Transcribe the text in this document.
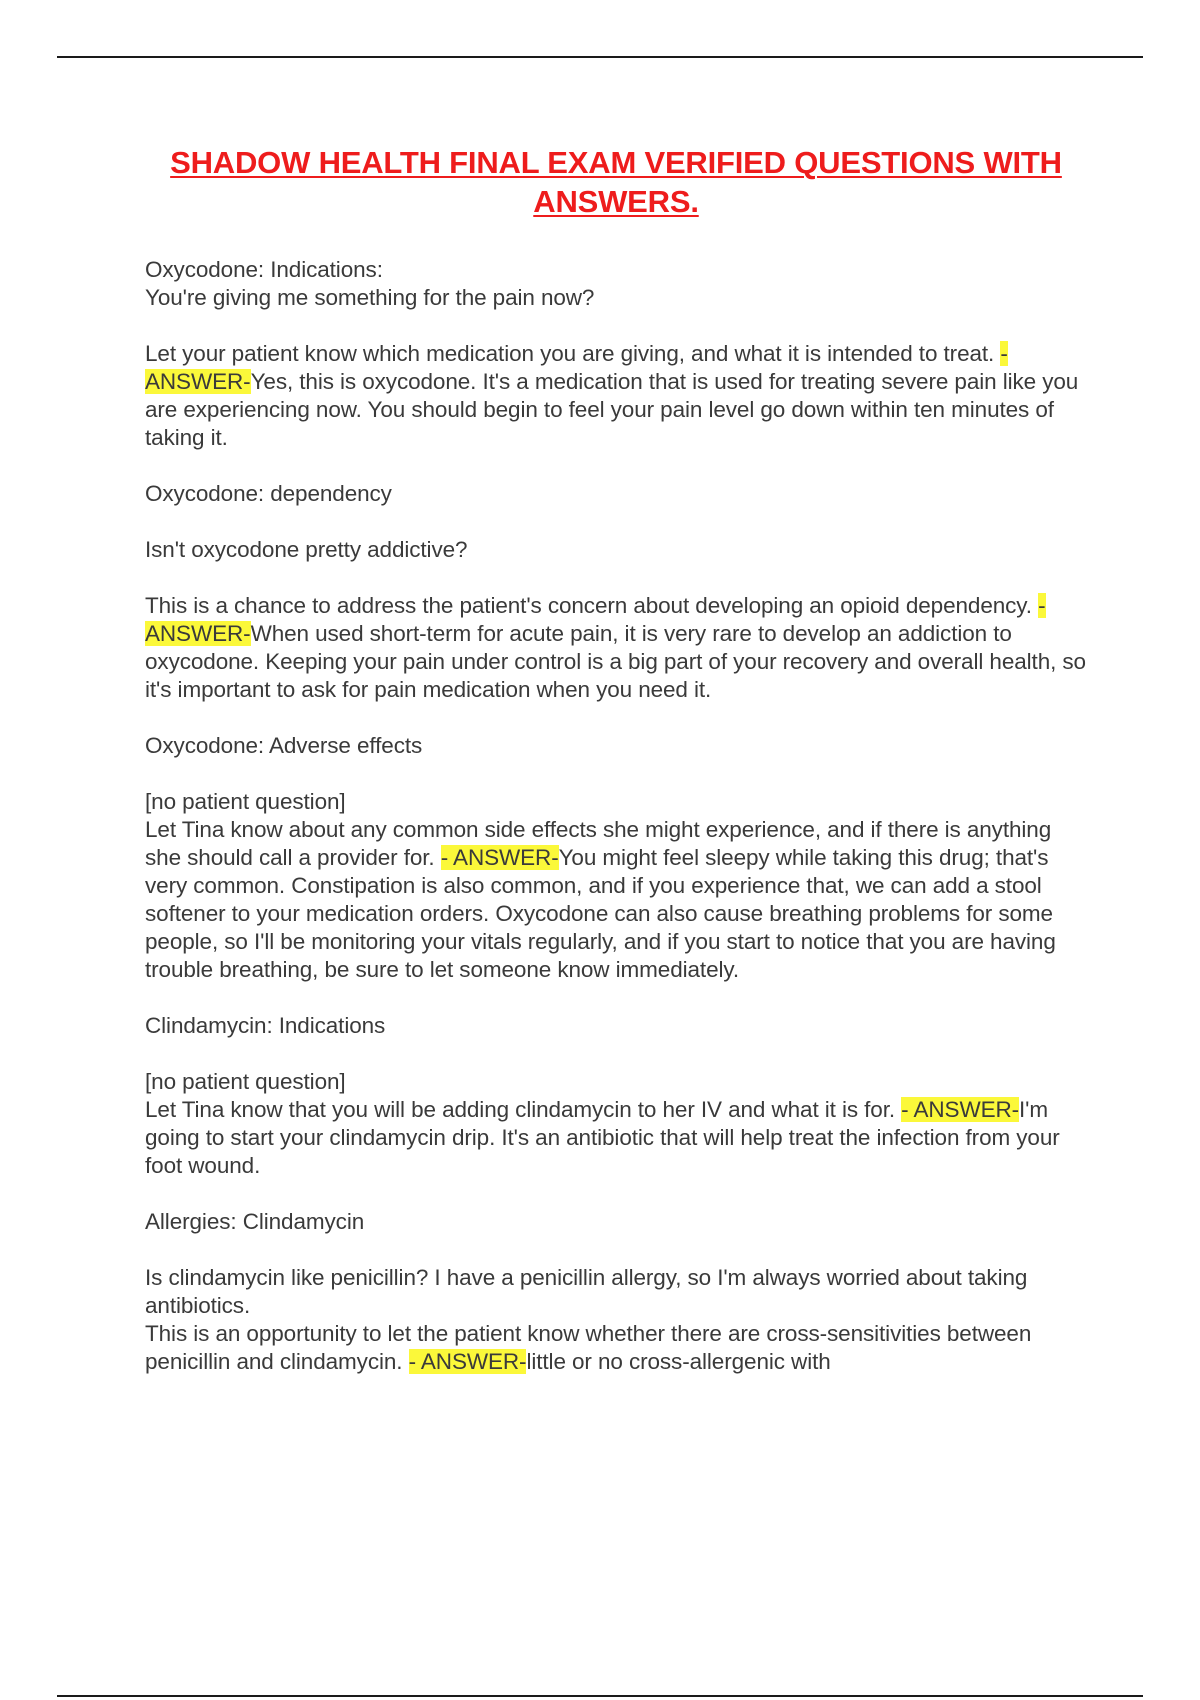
SHADOW HEALTH FINAL EXAM VERIFIED QUESTIONS WITH ANSWERS.

Oxycodone: Indications:

You're giving me something for the pain now?

Let your patient know which medication you are giving, and what it is intended to treat. - ANSWER-Yes, this is oxycodone. It's a medication that is used for treating severe pain like you are experiencing now. You should begin to feel your pain level go down within ten minutes of taking it.

Oxycodone: dependency

Isn't oxycodone pretty addictive?

This is a chance to address the patient's concern about developing an opioid dependency. - ANSWER-When used short-term for acute pain, it is very rare to develop an addiction to oxycodone. Keeping your pain under control is a big part of your recovery and overall health, so it's important to ask for pain medication when you need it.

Oxycodone: Adverse effects

[no patient question]

Let Tina know about any common side effects she might experience, and if there is anything she should call a provider for. - ANSWER-You might feel sleepy while taking this drug; that's very common. Constipation is also common, and if you experience that, we can add a stool softener to your medication orders. Oxycodone can also cause breathing problems for some people, so I'll be monitoring your vitals regularly, and if you start to notice that you are having trouble breathing, be sure to let someone know immediately.

Clindamycin: Indications

[no patient question]

Let Tina know that you will be adding clindamycin to her IV and what it is for. - ANSWER-I'm going to start your clindamycin drip. It's an antibiotic that will help treat the infection from your foot wound.

Allergies: Clindamycin

Is clindamycin like penicillin? I have a penicillin allergy, so I'm always worried about taking antibiotics.

This is an opportunity to let the patient know whether there are cross-sensitivities between penicillin and clindamycin. - ANSWER-little or no cross-allergenic with
